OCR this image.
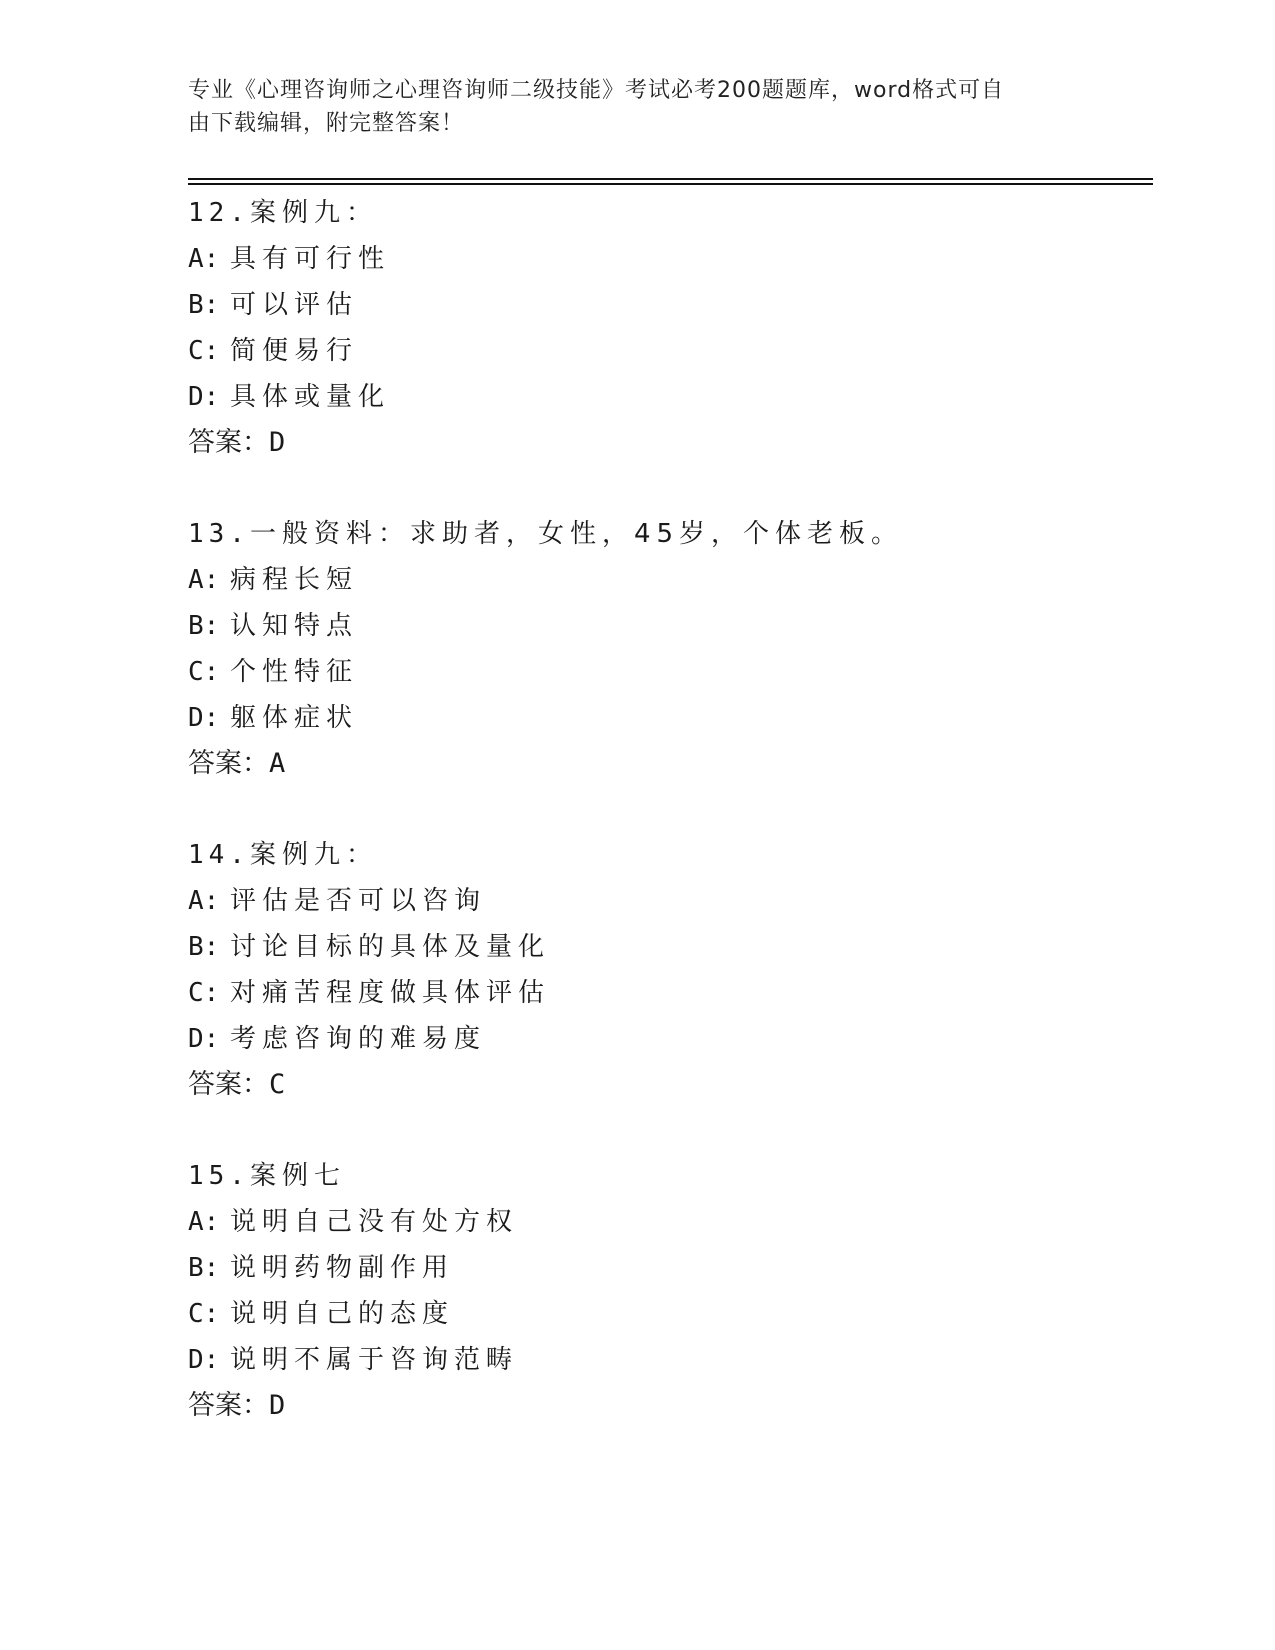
专业《心理咨询师之心理咨询师二级技能》考试必考200题题库，word格式可自
由下载编辑，附完整答案！
12.案例九：
A: 具有可行性
B: 可以评估
C: 简便易行
D: 具体或量化
答案：D
13.一般资料：求助者，女性，45岁，个体老板。
A: 病程长短
B: 认知特点
C: 个性特征
D: 躯体症状
答案：A
14.案例九：
A: 评估是否可以咨询
B: 讨论目标的具体及量化
C: 对痛苦程度做具体评估
D: 考虑咨询的难易度
答案：C
15.案例七
A: 说明自己没有处方权
B: 说明药物副作用
C: 说明自己的态度
D: 说明不属于咨询范畴
答案：D
